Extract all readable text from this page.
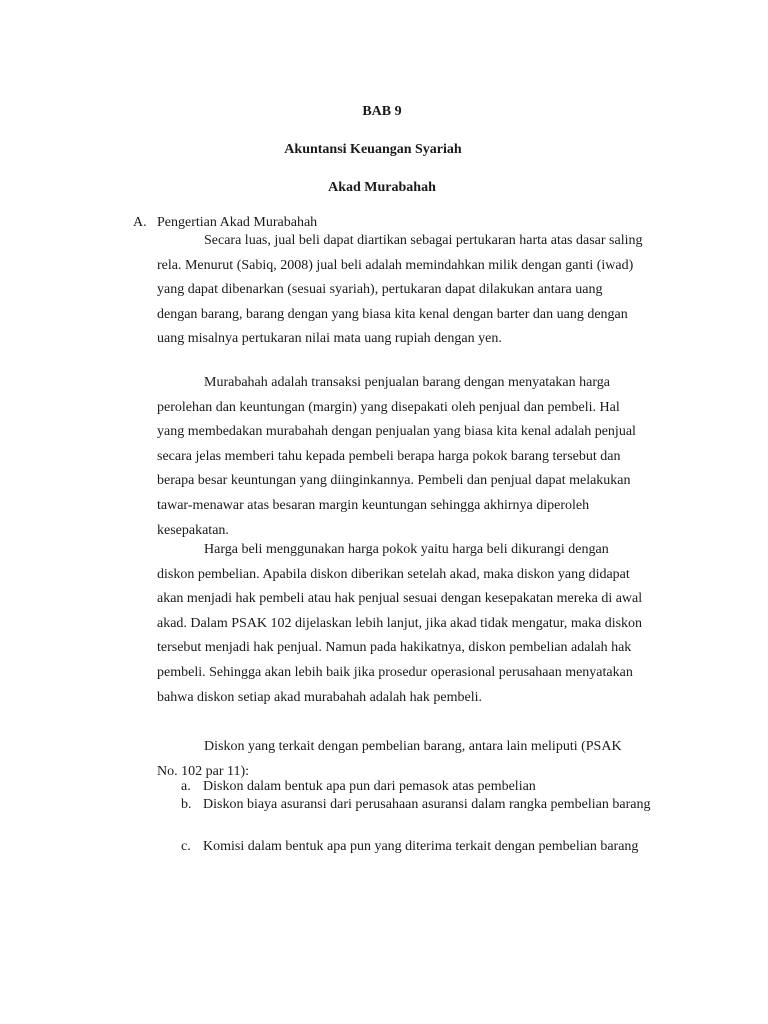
BAB 9
Akuntansi Keuangan Syariah
Akad Murabahah
A. Pengertian Akad Murabahah

Secara luas, jual beli dapat diartikan sebagai pertukaran harta atas dasar saling rela. Menurut (Sabiq, 2008) jual beli adalah memindahkan milik dengan ganti (iwad) yang dapat dibenarkan (sesuai syariah), pertukaran dapat dilakukan antara uang dengan barang, barang dengan yang biasa kita kenal dengan barter dan uang dengan uang misalnya pertukaran nilai mata uang rupiah dengan yen.

Murabahah adalah transaksi penjualan barang dengan menyatakan harga perolehan dan keuntungan (margin) yang disepakati oleh penjual dan pembeli. Hal yang membedakan murabahah dengan penjualan yang biasa kita kenal adalah penjual secara jelas memberi tahu kepada pembeli berapa harga pokok barang tersebut dan berapa besar keuntungan yang diinginkannya. Pembeli dan penjual dapat melakukan tawar-menawar atas besaran margin keuntungan sehingga akhirnya diperoleh kesepakatan.

Harga beli menggunakan harga pokok yaitu harga beli dikurangi dengan diskon pembelian. Apabila diskon diberikan setelah akad, maka diskon yang didapat akan menjadi hak pembeli atau hak penjual sesuai dengan kesepakatan mereka di awal akad. Dalam PSAK 102 dijelaskan lebih lanjut, jika akad tidak mengatur, maka diskon tersebut menjadi hak penjual. Namun pada hakikatnya, diskon pembelian adalah hak pembeli. Sehingga akan lebih baik jika prosedur operasional perusahaan menyatakan bahwa diskon setiap akad murabahah adalah hak pembeli.

Diskon yang terkait dengan pembelian barang, antara lain meliputi (PSAK No. 102 par 11):

a. Diskon dalam bentuk apa pun dari pemasok atas pembelian
b. Diskon biaya asuransi dari perusahaan asuransi dalam rangka pembelian barang
c. Komisi dalam bentuk apa pun yang diterima terkait dengan pembelian barang
